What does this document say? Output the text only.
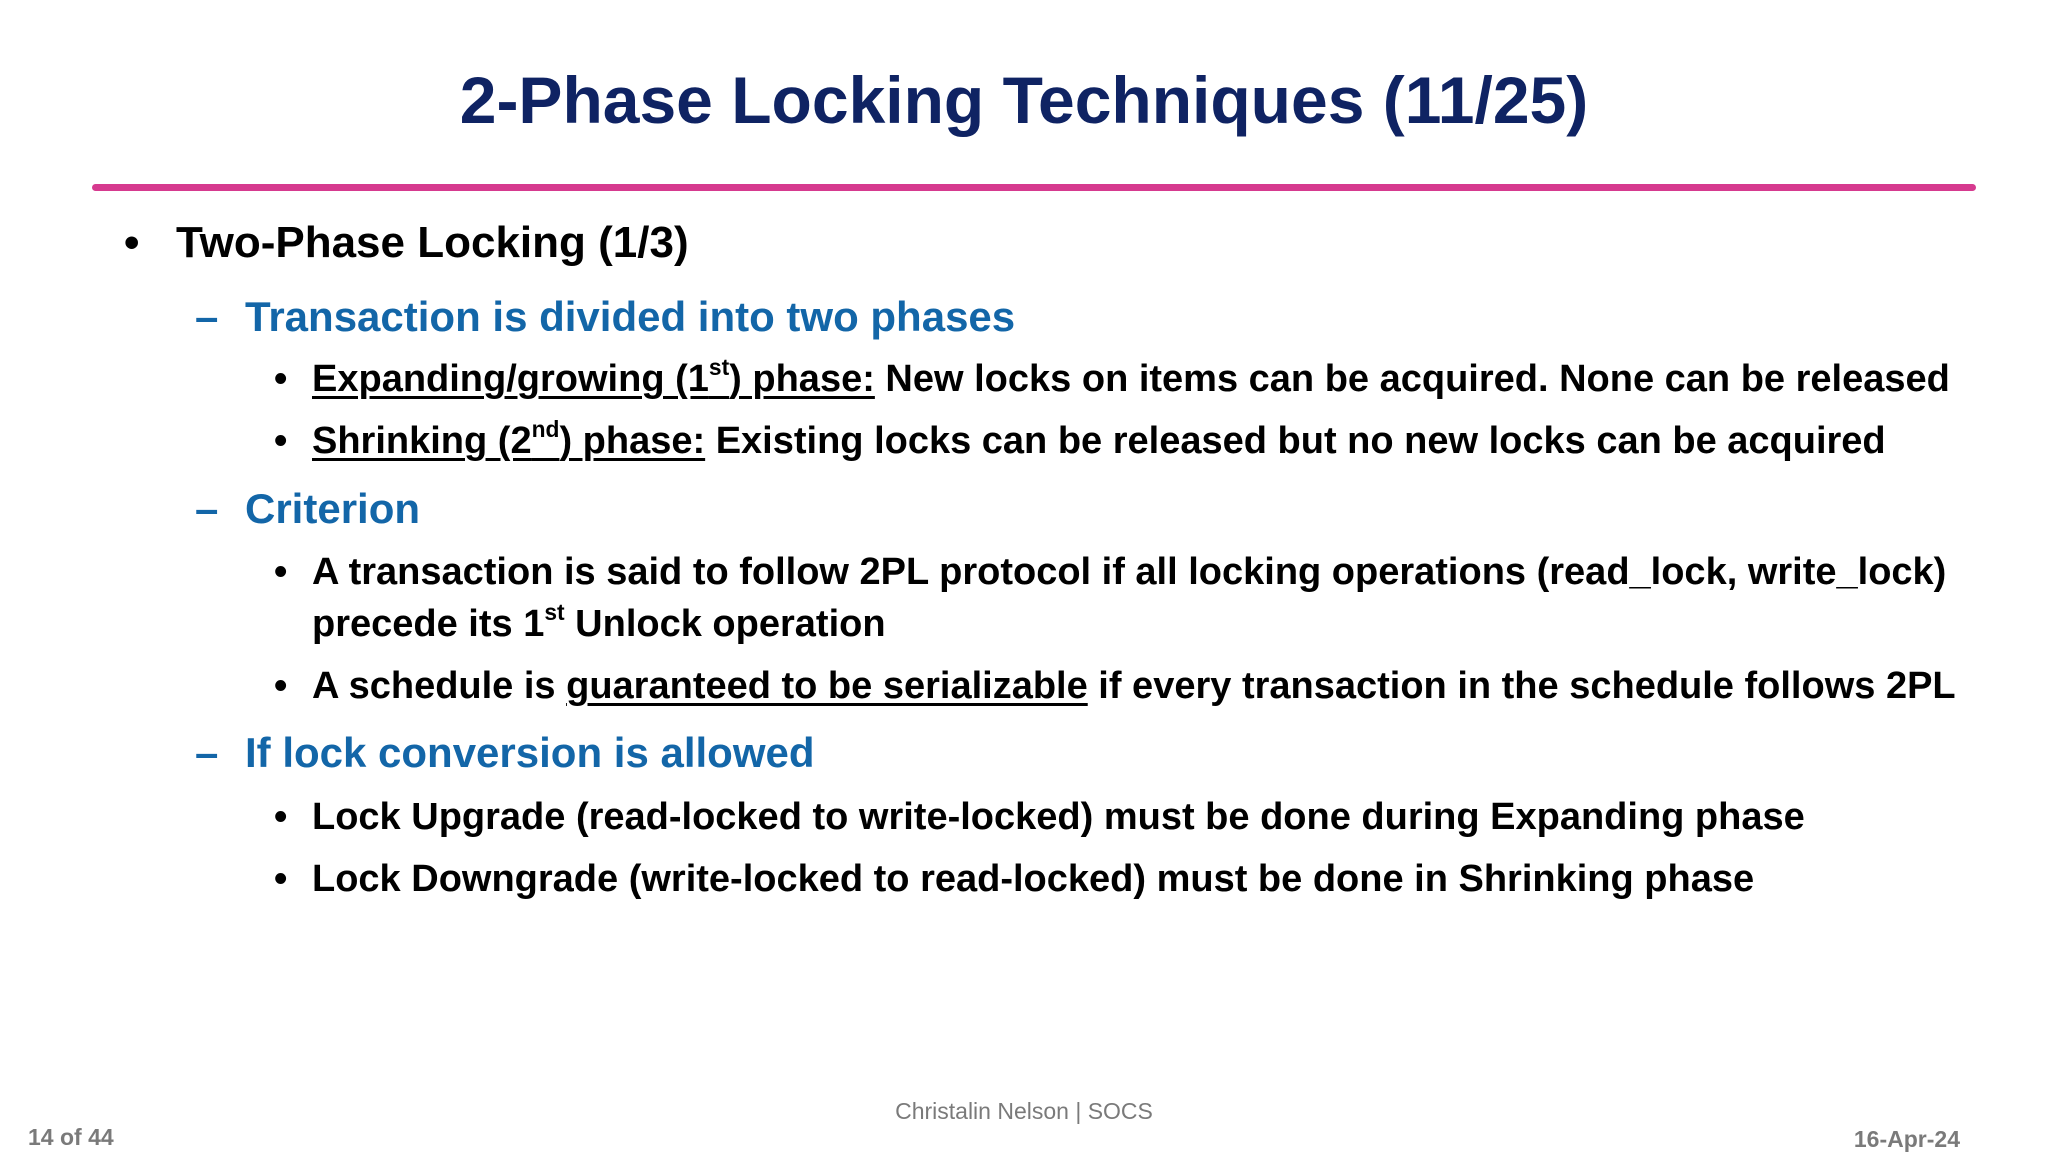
2-Phase Locking Techniques (11/25)
• Two-Phase Locking (1/3)
– Transaction is divided into two phases
• Expanding/growing (1st) phase: New locks on items can be acquired. None can be released
• Shrinking (2nd) phase: Existing locks can be released but no new locks can be acquired
– Criterion
• A transaction is said to follow 2PL protocol if all locking operations (read_lock, write_lock)
precede its 1st Unlock operation
• A schedule is guaranteed to be serializable if every transaction in the schedule follows 2PL
– If lock conversion is allowed
• Lock Upgrade (read-locked to write-locked) must be done during Expanding phase
• Lock Downgrade (write-locked to read-locked) must be done in Shrinking phase
Christalin Nelson | SOCS
14 of 44	16-Apr-24
